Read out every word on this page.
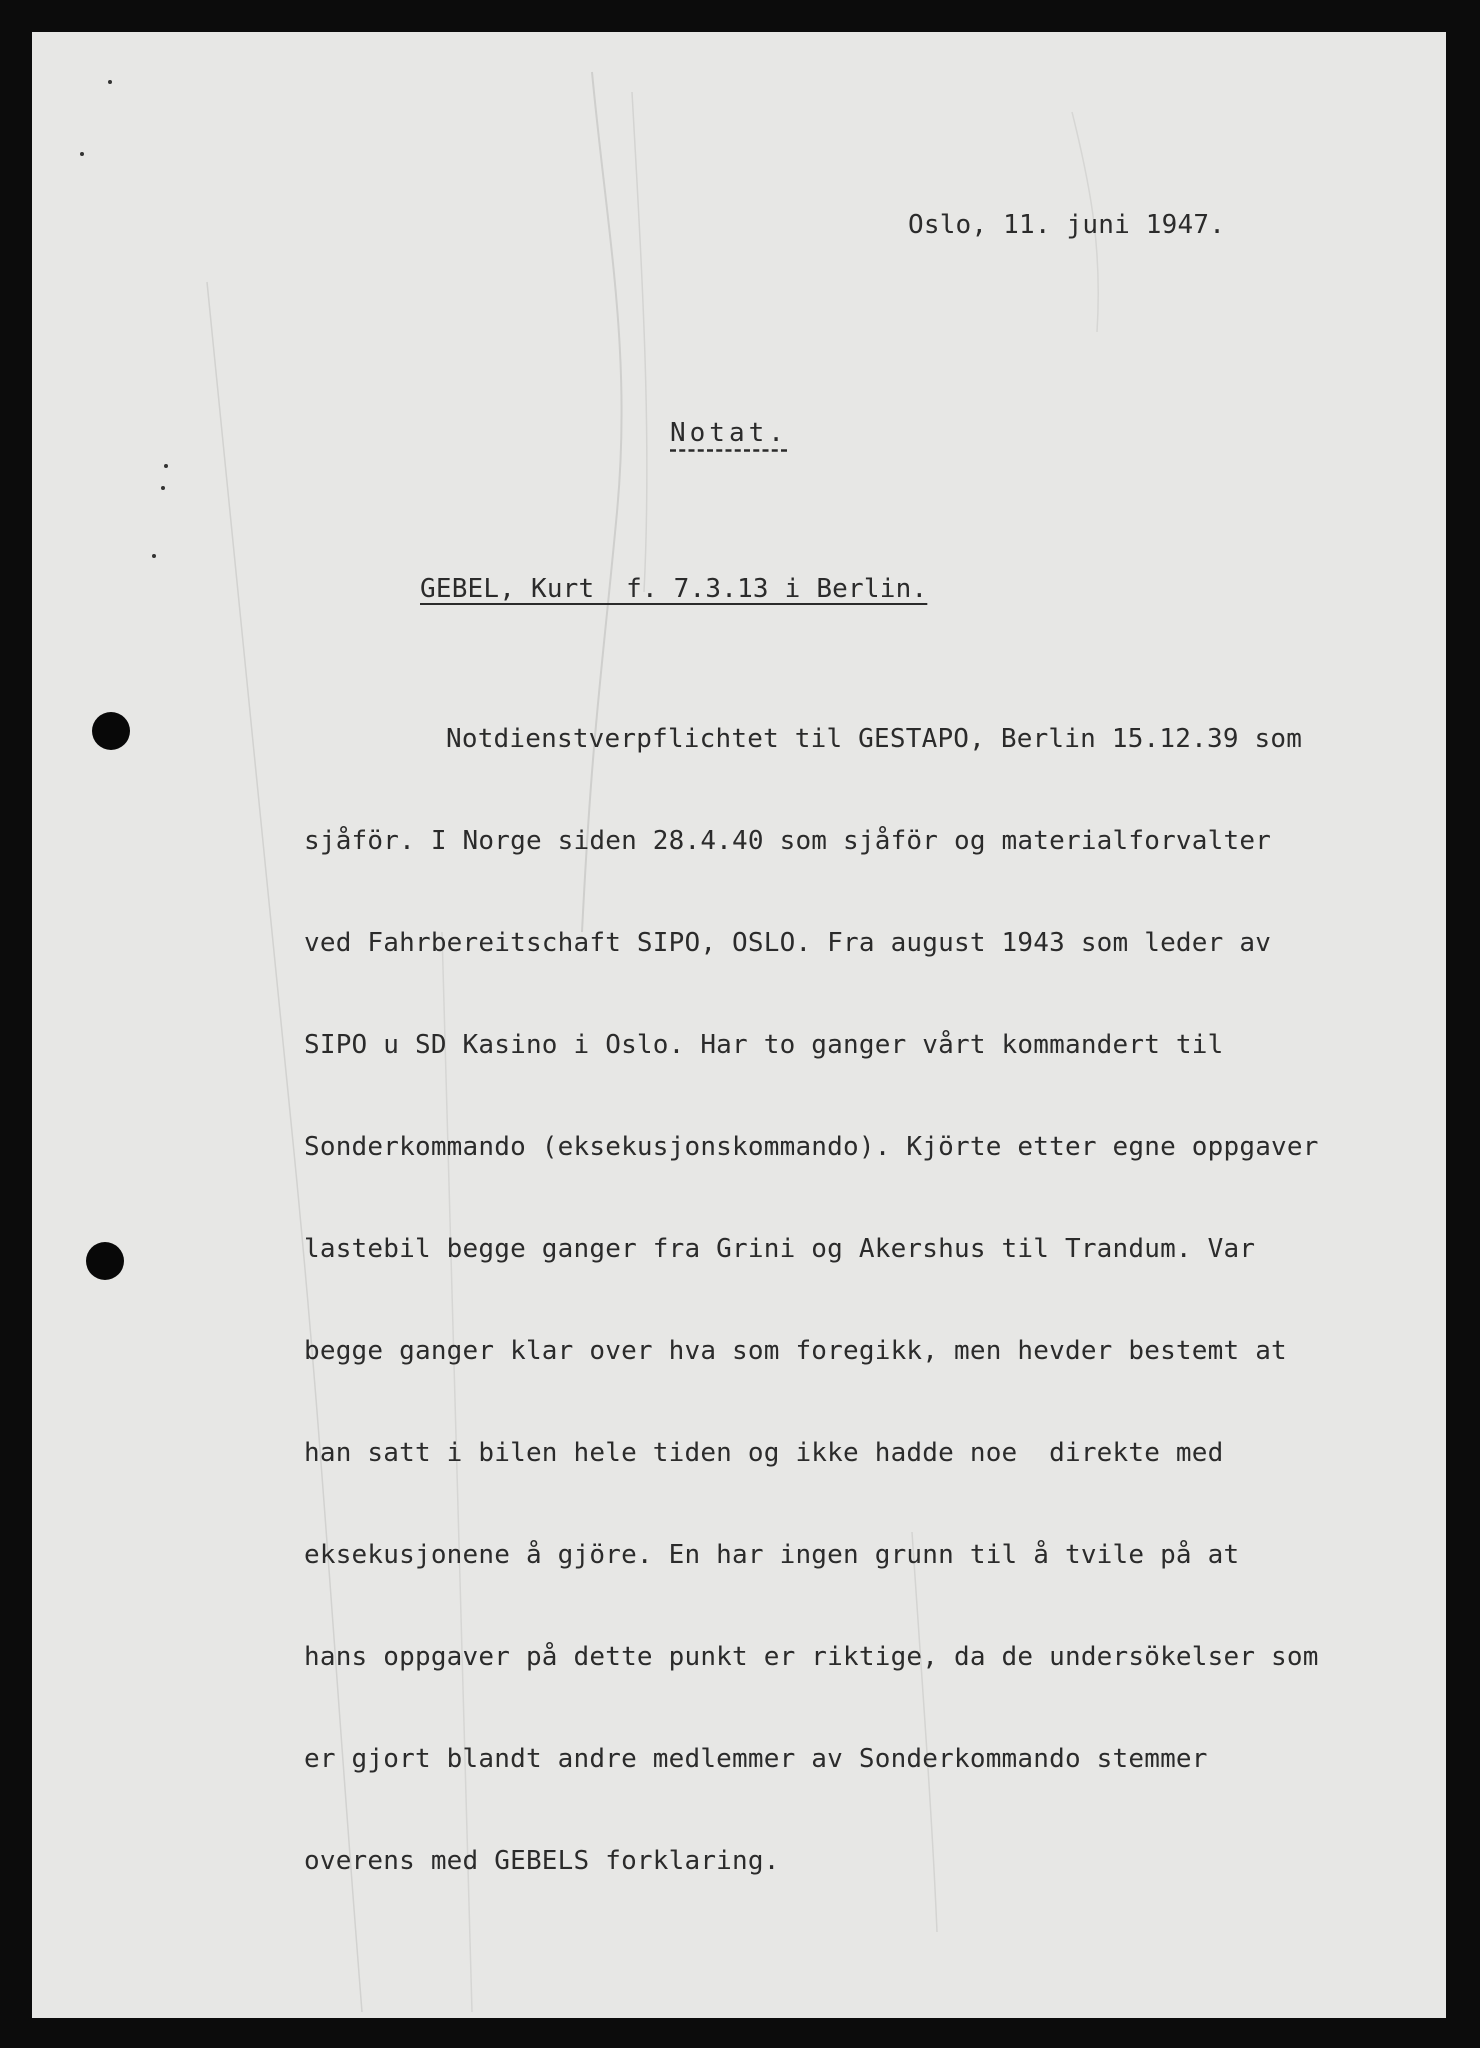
Oslo, 11. juni 1947.
Notat.
GEBEL, Kurt  f. 7.3.13 i Berlin.

Notdienstverpflichtet til GESTAPO, Berlin 15.12.39 som

sjåför. I Norge siden 28.4.40 som sjåför og materialforvalter

ved Fahrbereitschaft SIPO, OSLO. Fra august 1943 som leder av

SIPO u SD Kasino i Oslo. Har to ganger vårt kommandert til

Sonderkommando (eksekusjonskommando). Kjörte etter egne oppgaver

lastebil begge ganger fra Grini og Akershus til Trandum. Var

begge ganger klar over hva som foregikk, men hevder bestemt at

han satt i bilen hele tiden og ikke hadde noe  direkte med

eksekusjonene å gjöre. En har ingen grunn til å tvile på at

hans oppgaver på dette punkt er riktige, da de undersökelser som

er gjort blandt andre medlemmer av Sonderkommando stemmer

overens med GEBELS forklaring.
